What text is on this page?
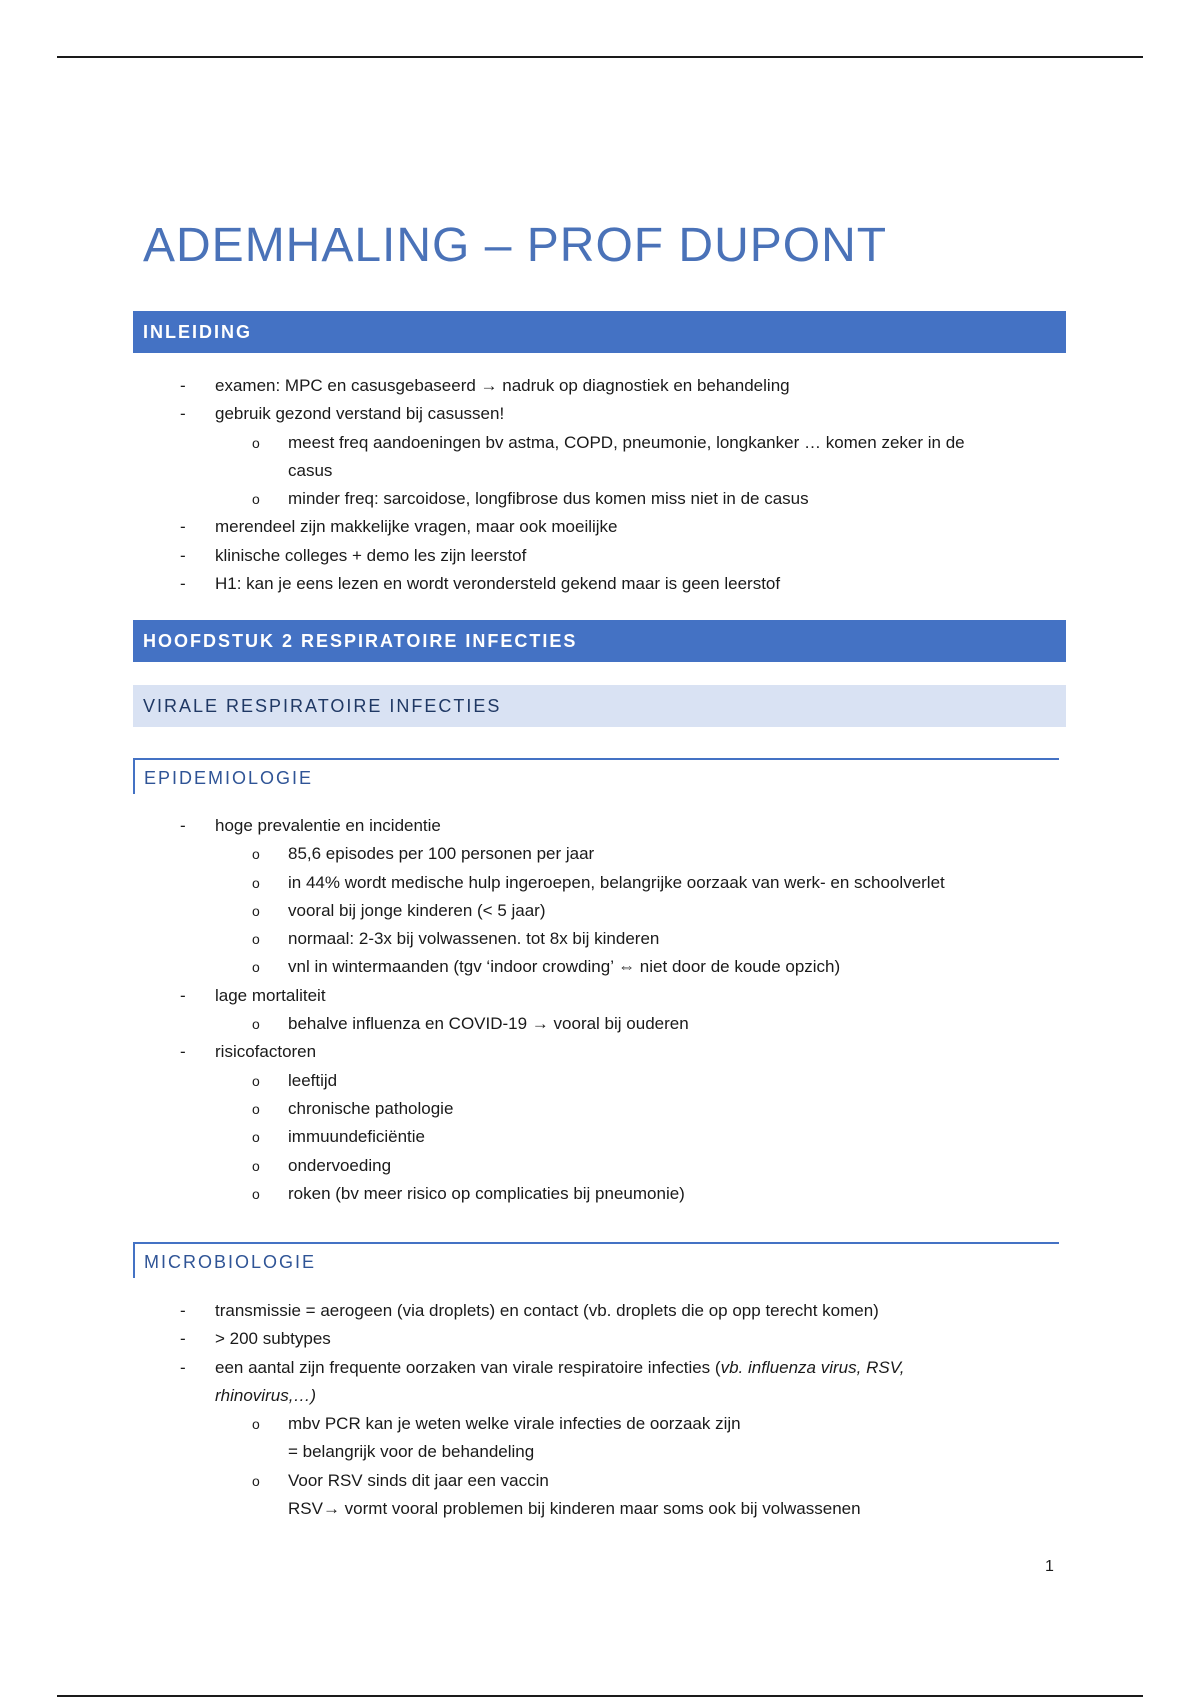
ADEMHALING – PROF DUPONT
INLEIDING
- examen: MPC en casusgebaseerd → nadruk op diagnostiek en behandeling
- gebruik gezond verstand bij casussen!
o meest freq aandoeningen bv astma, COPD, pneumonie, longkanker … komen zeker in de
casus
o minder freq: sarcoidose, longfibrose dus komen miss niet in de casus
- merendeel zijn makkelijke vragen, maar ook moeilijke
- klinische colleges + demo les zijn leerstof
- H1: kan je eens lezen en wordt verondersteld gekend maar is geen leerstof
HOOFDSTUK 2 RESPIRATOIRE INFECTIES
VIRALE RESPIRATOIRE INFECTIES
EPIDEMIOLOGIE
- hoge prevalentie en incidentie
o 85,6 episodes per 100 personen per jaar
o in 44% wordt medische hulp ingeroepen, belangrijke oorzaak van werk- en schoolverlet
o vooral bij jonge kinderen (< 5 jaar)
o normaal: 2-3x bij volwassenen. tot 8x bij kinderen
o vnl in wintermaanden (tgv ‘indoor crowding’ ⇔ niet door de koude opzich)
- lage mortaliteit
o behalve influenza en COVID-19 → vooral bij ouderen
- risicofactoren
o leeftijd
o chronische pathologie
o immuundeficiëntie
o ondervoeding
o roken (bv meer risico op complicaties bij pneumonie)
MICROBIOLOGIE
- transmissie = aerogeen (via droplets) en contact (vb. droplets die op opp terecht komen)
- > 200 subtypes
- een aantal zijn frequente oorzaken van virale respiratoire infecties (vb. influenza virus, RSV,
rhinovirus,…)
o mbv PCR kan je weten welke virale infecties de oorzaak zijn
= belangrijk voor de behandeling
o Voor RSV sinds dit jaar een vaccin
RSV→ vormt vooral problemen bij kinderen maar soms ook bij volwassenen
1
